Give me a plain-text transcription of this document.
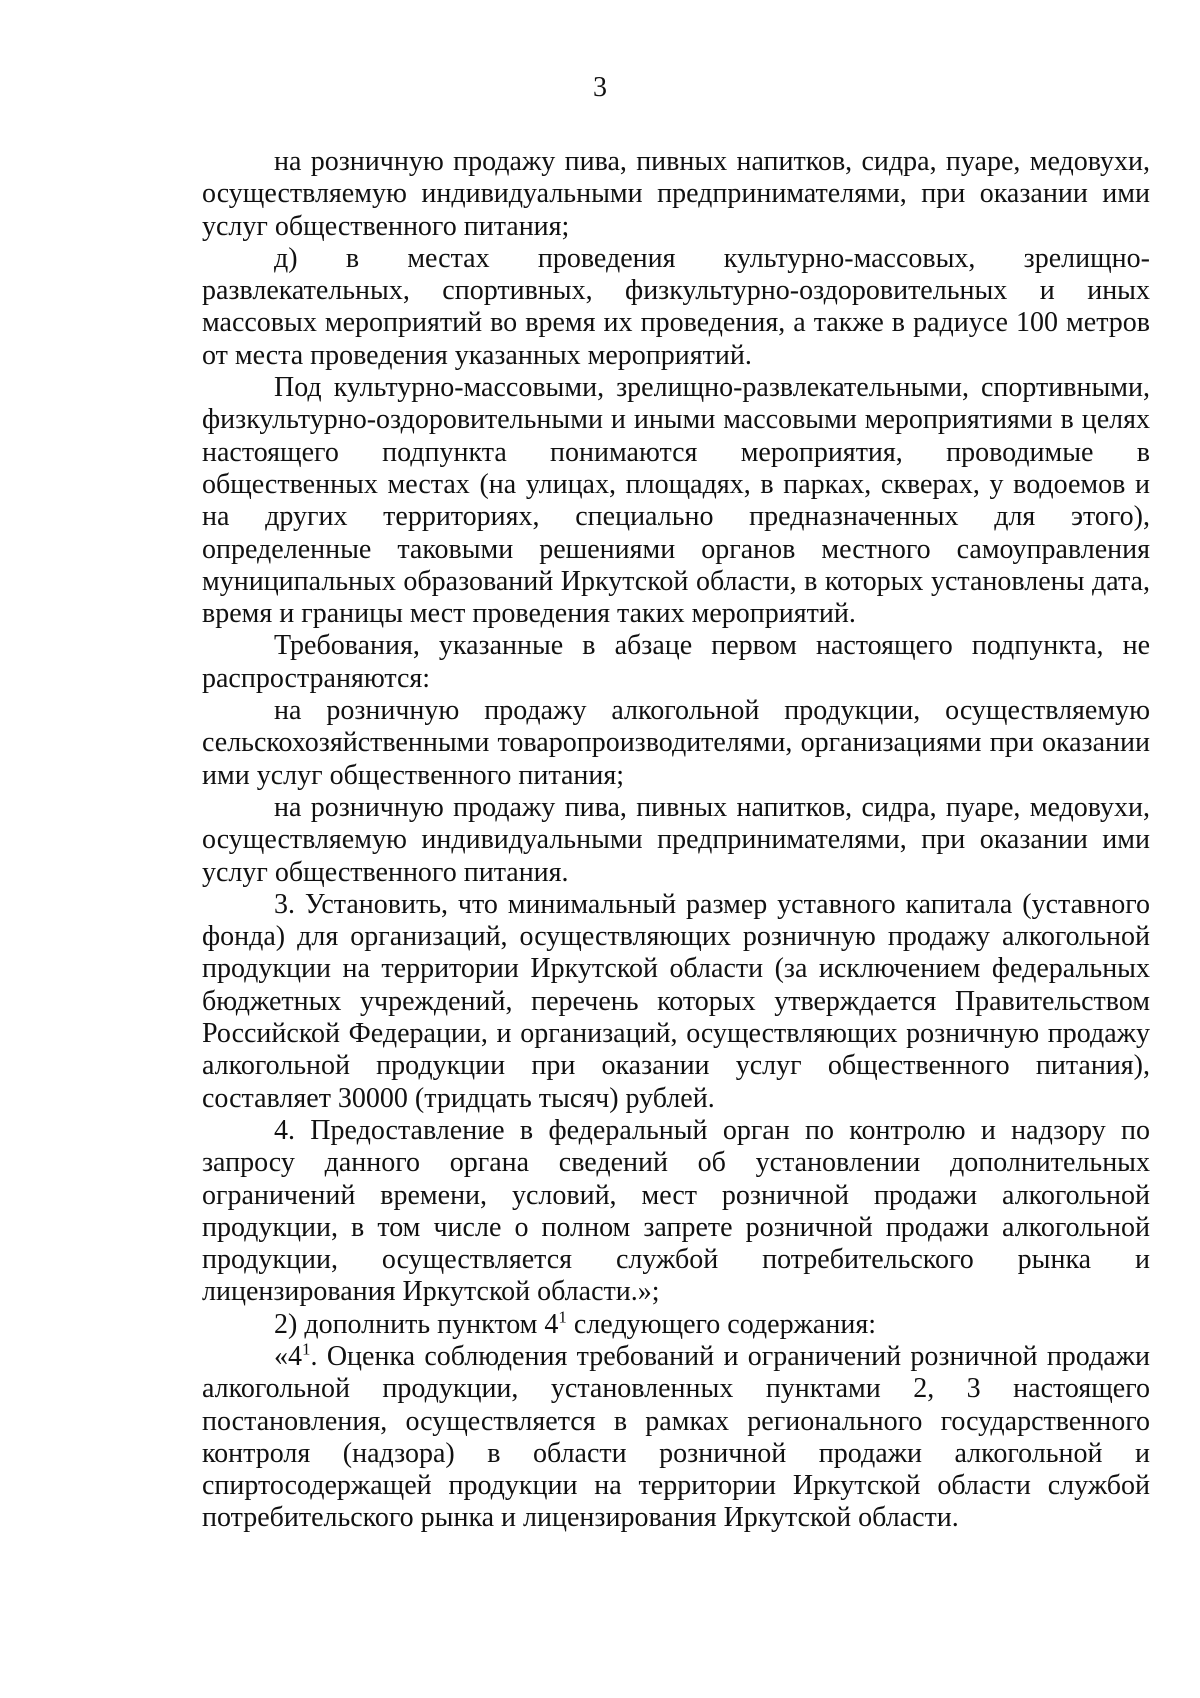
3

на розничную продажу пива, пивных напитков, сидра, пуаре, медовухи, осуществляемую индивидуальными предпринимателями, при оказании ими услуг общественного питания;

д) в местах проведения культурно-массовых, зрелищно-развлекательных, спортивных, физкультурно-оздоровительных и иных массовых мероприятий во время их проведения, а также в радиусе 100 метров от места проведения указанных мероприятий.

Под культурно-массовыми, зрелищно-развлекательными, спортивными, физкультурно-оздоровительными и иными массовыми мероприятиями в целях настоящего подпункта понимаются мероприятия, проводимые в общественных местах (на улицах, площадях, в парках, скверах, у водоемов и на других территориях, специально предназначенных для этого), определенные таковыми решениями органов местного самоуправления муниципальных образований Иркутской области, в которых установлены дата, время и границы мест проведения таких мероприятий.

Требования, указанные в абзаце первом настоящего подпункта, не распространяются:

на розничную продажу алкогольной продукции, осуществляемую сельскохозяйственными товаропроизводителями, организациями при оказании ими услуг общественного питания;

на розничную продажу пива, пивных напитков, сидра, пуаре, медовухи, осуществляемую индивидуальными предпринимателями, при оказании ими услуг общественного питания.

3. Установить, что минимальный размер уставного капитала (уставного фонда) для организаций, осуществляющих розничную продажу алкогольной продукции на территории Иркутской области (за исключением федеральных бюджетных учреждений, перечень которых утверждается Правительством Российской Федерации, и организаций, осуществляющих розничную продажу алкогольной продукции при оказании услуг общественного питания), составляет 30000 (тридцать тысяч) рублей.

4. Предоставление в федеральный орган по контролю и надзору по запросу данного органа сведений об установлении дополнительных ограничений времени, условий, мест розничной продажи алкогольной продукции, в том числе о полном запрете розничной продажи алкогольной продукции, осуществляется службой потребительского рынка и лицензирования Иркутской области.»;

2) дополнить пунктом $4^1$ следующего содержания:

«$4^1$. Оценка соблюдения требований и ограничений розничной продажи алкогольной продукции, установленных пунктами 2, 3 настоящего постановления, осуществляется в рамках регионального государственного контроля (надзора) в области розничной продажи алкогольной и спиртосодержащей продукции на территории Иркутской области службой потребительского рынка и лицензирования Иркутской области.
